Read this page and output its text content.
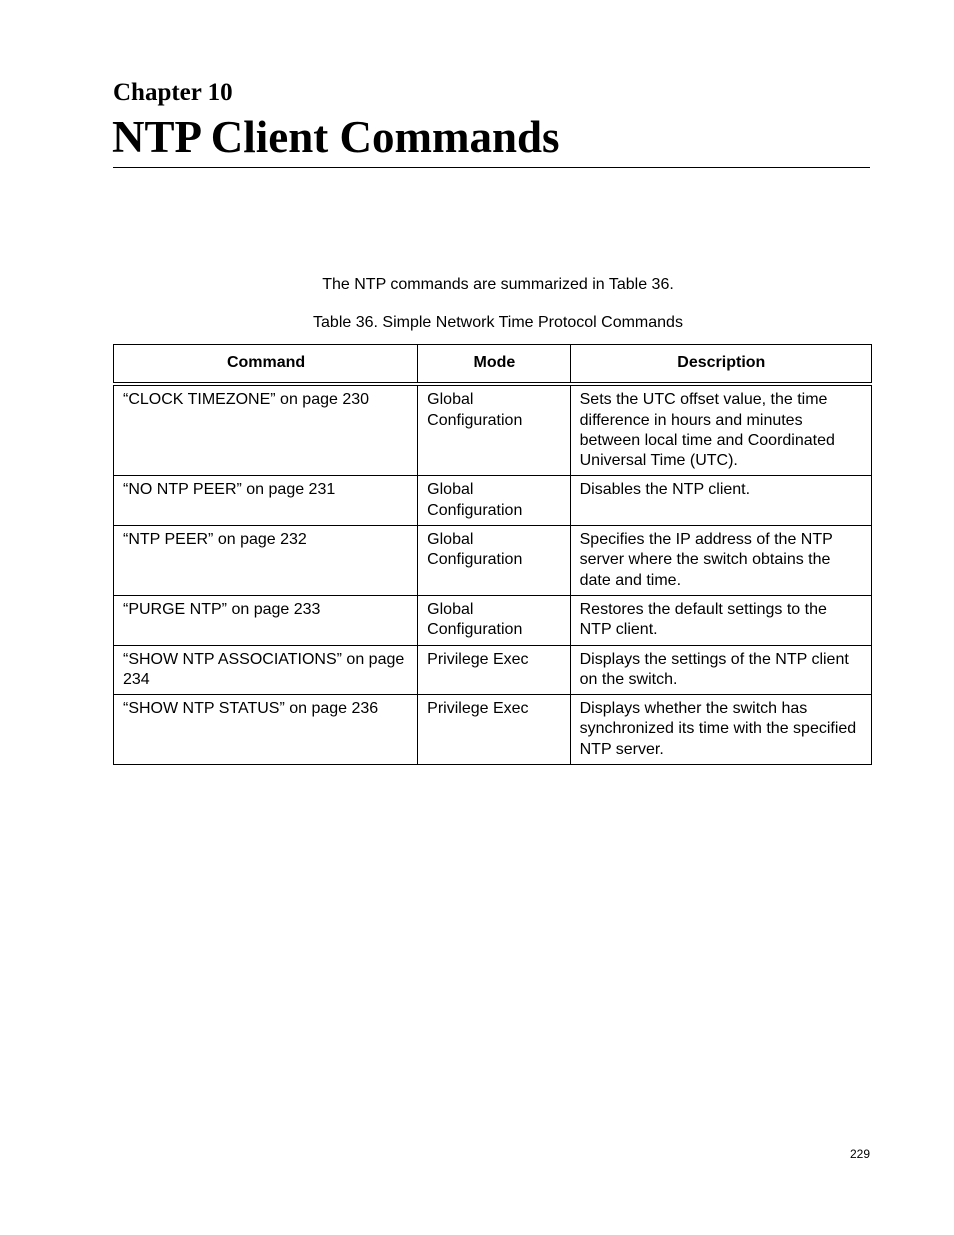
Chapter 10
NTP Client Commands
The NTP commands are summarized in Table 36.
Table 36. Simple Network Time Protocol Commands
Command	Mode	Description
“CLOCK TIMEZONE” on page 230	Global Configuration	Sets the UTC offset value, the time difference in hours and minutes between local time and Coordinated Universal Time (UTC).
“NO NTP PEER” on page 231	Global Configuration	Disables the NTP client.
“NTP PEER” on page 232	Global Configuration	Specifies the IP address of the NTP server where the switch obtains the date and time.
“PURGE NTP” on page 233	Global Configuration	Restores the default settings to the NTP client.
“SHOW NTP ASSOCIATIONS” on page 234	Privilege Exec	Displays the settings of the NTP client on the switch.
“SHOW NTP STATUS” on page 236	Privilege Exec	Displays whether the switch has synchronized its time with the specified NTP server.
229
